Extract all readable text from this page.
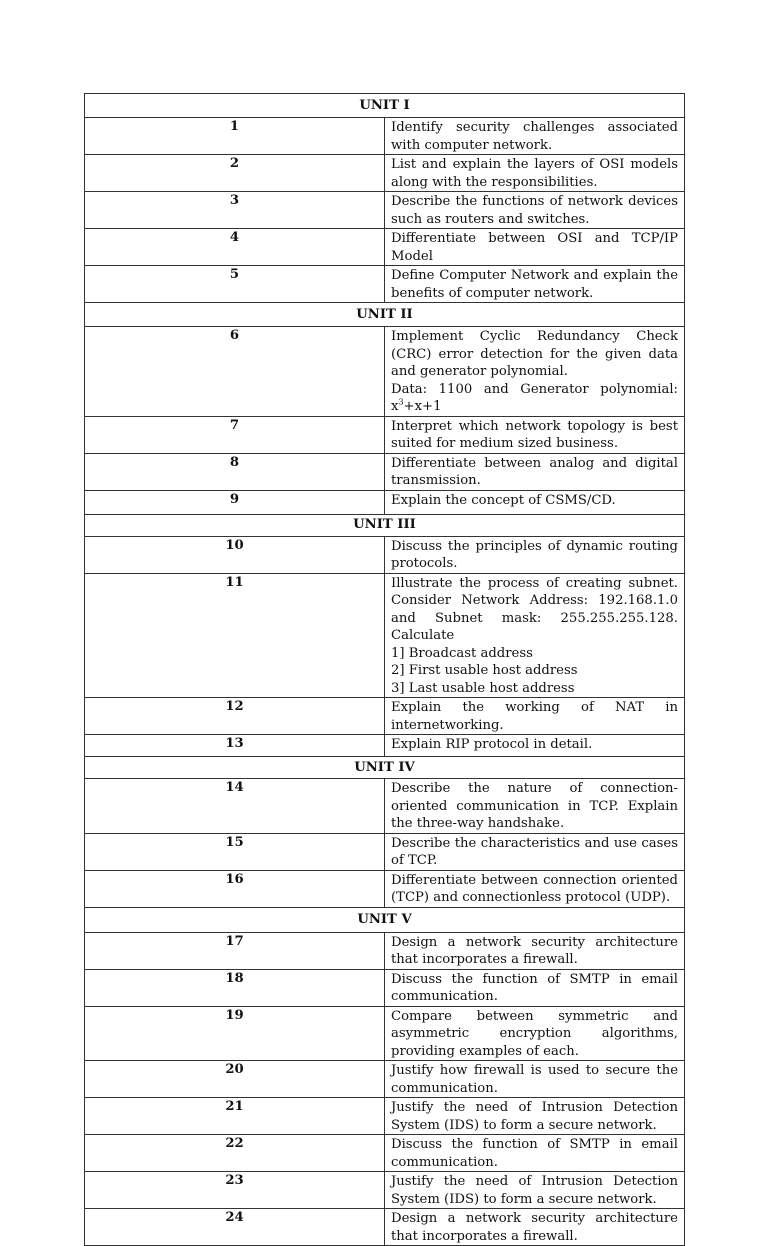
UNIT I	
1	Identify security challenges associated with computer network.

2	List and explain the layers of OSI models along with the responsibilities.

3	Describe the functions of network devices such as routers and switches.

4	Differentiate between OSI and TCP/IP Model

5	Define Computer Network and explain the benefits of computer network.

UNIT II	
6	Implement Cyclic Redundancy Check (CRC) error detection for the given data and generator polynomial.
Data: 1100 and Generator polynomial: $x^3+x+1$

7	Interpret which network topology is best suited for medium sized business.

8	Differentiate between analog and digital transmission.

9	Explain the concept of CSMS/CD.

UNIT III	
10	Discuss the principles of dynamic routing protocols.

11	Illustrate the process of creating subnet. Consider Network Address: 192.168.1.0 and Subnet mask: 255.255.255.128. Calculate
1] Broadcast address
2] First usable host address
3] Last usable host address

12	Explain the working of NAT in internetworking.

13	Explain RIP protocol in detail.

UNIT IV	
14	Describe the nature of connection-oriented communication in TCP. Explain the three-way handshake.

15	Describe the characteristics and use cases of TCP.

16	Differentiate between connection oriented (TCP) and connectionless protocol (UDP).

UNIT V	
17	Design a network security architecture that incorporates a firewall.

18	Discuss the function of SMTP in email communication.

19	Compare between symmetric and asymmetric encryption algorithms, providing examples of each.

20	Justify how firewall is used to secure the communication.

21	Justify the need of Intrusion Detection System (IDS) to form a secure network.

22	Discuss the function of SMTP in email communication.

23	Justify the need of Intrusion Detection System (IDS) to form a secure network.

24	Design a network security architecture that incorporates a firewall.
